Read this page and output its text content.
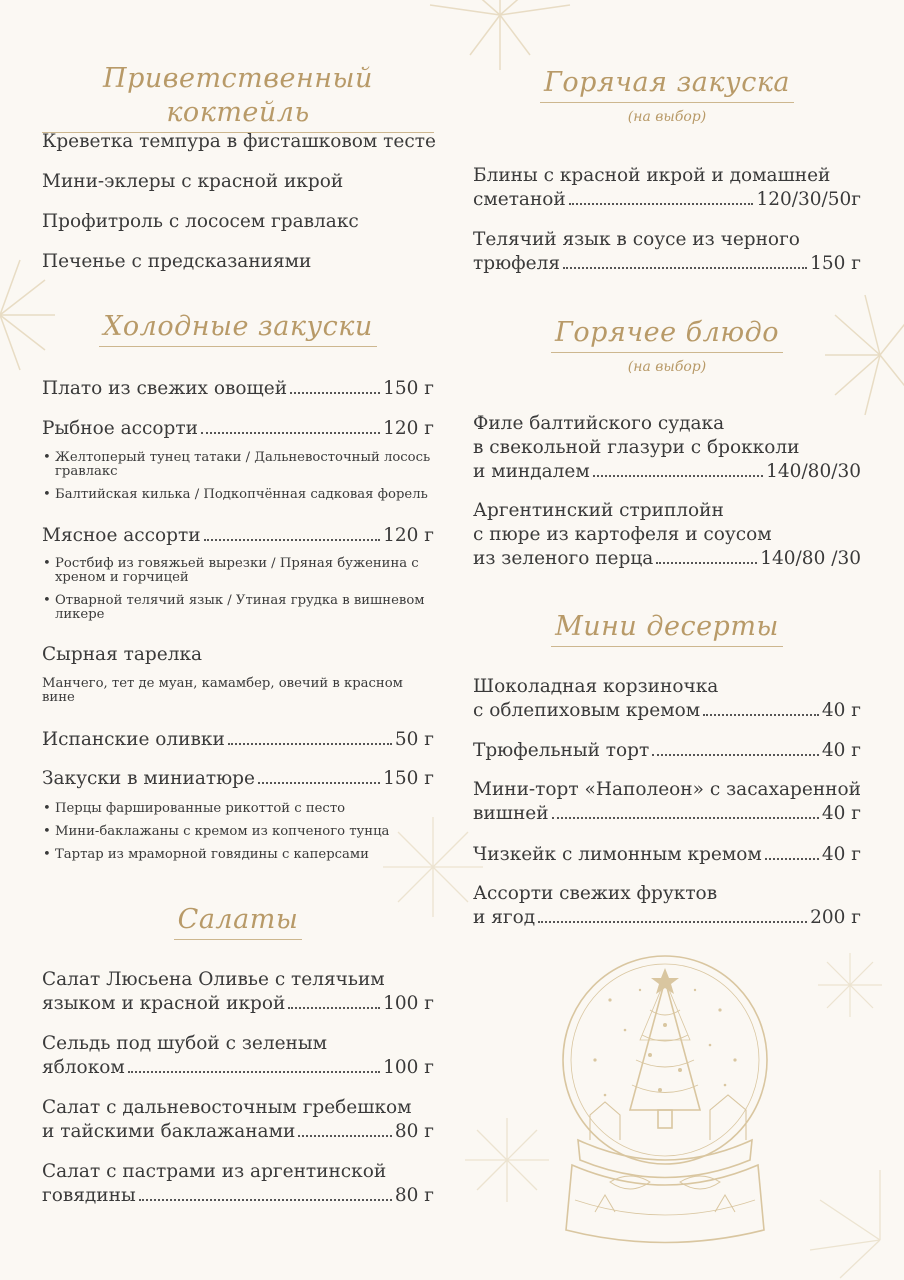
Приветственный коктейль
Креветка темпура в фисташковом тесте
Мини-эклеры с красной икрой
Профитроль с лососем гравлакс
Печенье с предсказаниями
Холодные закуски
Плато из свежих овощей	150 г
Рыбное ассорти	120 г
• Желтоперый тунец татаки / Дальневосточный лосось гравлакс
• Балтийская килька / Подкопчённая садковая форель
Мясное ассорти	120 г
• Ростбиф из говяжьей вырезки / Пряная буженина с хреном и горчицей
• Отварной телячий язык / Утиная грудка в вишневом ликере
Сырная тарелка
Манчего, тет де муан, камамбер, овечий в красном вине
Испанские оливки	50 г
Закуски в миниатюре	150 г
• Перцы фаршированные рикоттой с песто
• Мини-баклажаны с кремом из копченого тунца
• Тартар из мраморной говядины с каперсами
Салаты
Салат Люсьена Оливье с телячьим
языком и красной икрой	100 г
Сельдь под шубой с зеленым
яблоком	100 г
Салат с дальневосточным гребешком
и тайскими баклажанами	80 г
Салат с пастрами из аргентинской
говядины	80 г
Горячая закуска
(на выбор)
Блины с красной икрой и домашней
сметаной	120/30/50г
Телячий язык в соусе из черного
трюфеля	150 г
Горячее блюдо
(на выбор)
Филе балтийского судака
в свекольной глазури с брокколи
и миндалем	140/80/30
Аргентинский стриплойн
с пюре из картофеля и соусом
из зеленого перца	140/80 /30
Мини десерты
Шоколадная корзиночка
с облепиховым кремом	40 г
Трюфельный торт	40 г
Мини-торт «Наполеон» с засахаренной
вишней	40 г
Чизкейк с лимонным кремом	40 г
Ассорти свежих фруктов
и ягод	200 г
